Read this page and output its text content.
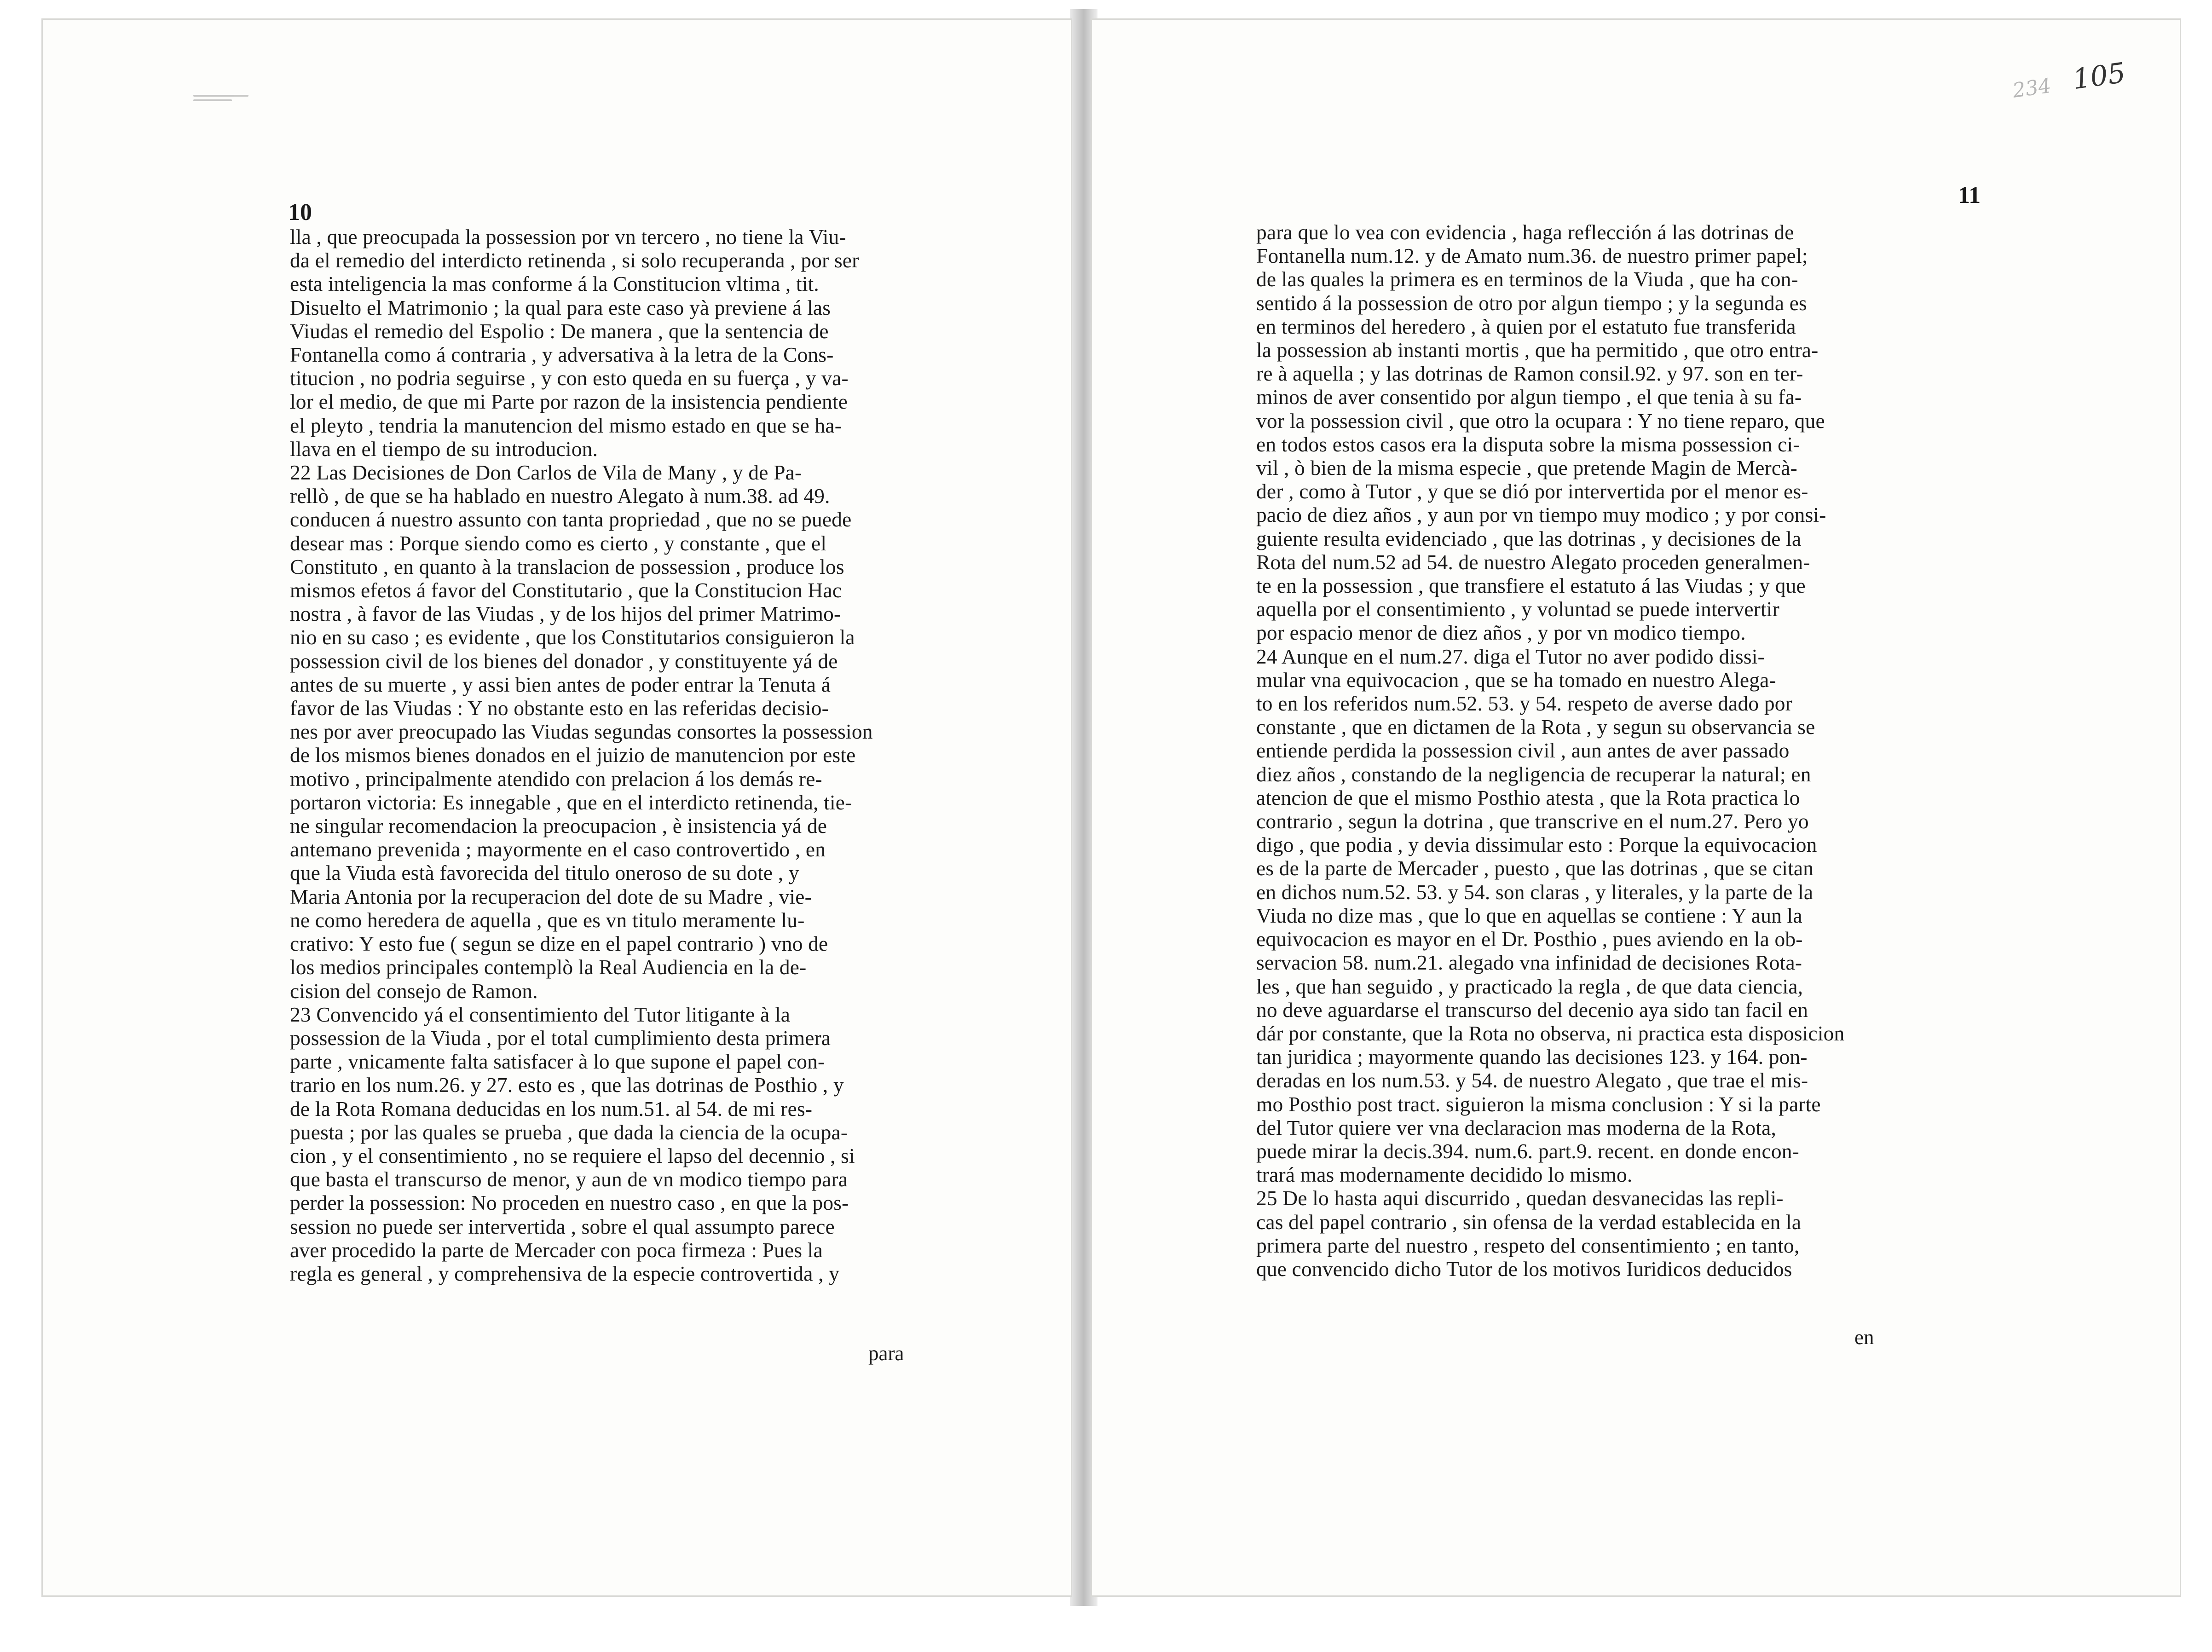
10

lla , que preocupada la possession por vn tercero , no tiene la Viu-

da el remedio del interdicto retinenda , si solo recuperanda , por ser

esta inteligencia la mas conforme á la Constitucion vltima , tit.

Disuelto el Matrimonio ; la qual para este caso yà previene á las

Viudas el remedio del Espolio : De manera , que la sentencia de

Fontanella como á contraria , y adversativa à la letra de la Cons-

titucion , no podria seguirse , y con esto queda en su fuerça , y va-

lor el medio, de que mi Parte por razon de la insistencia pendiente

el pleyto , tendria la manutencion del mismo estado en que se ha-

llava en el tiempo de su introducion.

22 Las Decisiones de Don Carlos de Vila de Many , y de Pa-

rellò , de que se ha hablado en nuestro Alegato à num.38. ad 49.

conducen á nuestro assunto con tanta propriedad , que no se puede

desear mas : Porque siendo como es cierto , y constante , que el

Constituto , en quanto à la translacion de possession , produce los

mismos efetos á favor del Constitutario , que la Constitucion Hac

nostra , à favor de las Viudas , y de los hijos del primer Matrimo-

nio en su caso ; es evidente , que los Constitutarios consiguieron la

possession civil de los bienes del donador , y constituyente yá de

antes de su muerte , y assi bien antes de poder entrar la Tenuta á

favor de las Viudas : Y no obstante esto en las referidas decisio-

nes por aver preocupado las Viudas segundas consortes la possession

de los mismos bienes donados en el juizio de manutencion por este

motivo , principalmente atendido con prelacion á los demás re-

portaron victoria: Es innegable , que en el interdicto retinenda, tie-

ne singular recomendacion la preocupacion , è insistencia yá de

antemano prevenida ; mayormente en el caso controvertido , en

que la Viuda està favorecida del titulo oneroso de su dote , y

Maria Antonia por la recuperacion del dote de su Madre , vie-

ne como heredera de aquella , que es vn titulo meramente lu-

crativo: Y esto fue ( segun se dize en el papel contrario ) vno de

los medios principales contemplò la Real Audiencia en la de-

cision del consejo de Ramon.

23 Convencido yá el consentimiento del Tutor litigante à la

possession de la Viuda , por el total cumplimiento desta primera

parte , vnicamente falta satisfacer à lo que supone el papel con-

trario en los num.26. y 27. esto es , que las dotrinas de Posthio , y

de la Rota Romana deducidas en los num.51. al 54. de mi res-

puesta ; por las quales se prueba , que dada la ciencia de la ocupa-

cion , y el consentimiento , no se requiere el lapso del decennio , si

que basta el transcurso de menor, y aun de vn modico tiempo para

perder la possession: No proceden en nuestro caso , en que la pos-

session no puede ser intervertida , sobre el qual assumpto parece

aver procedido la parte de Mercader con poca firmeza : Pues la

regla es general , y comprehensiva de la especie controvertida , y

para
234 105
11

para que lo vea con evidencia , haga reflección á las dotrinas de

Fontanella num.12. y de Amato num.36. de nuestro primer papel;

de las quales la primera es en terminos de la Viuda , que ha con-

sentido á la possession de otro por algun tiempo ; y la segunda es

en terminos del heredero , à quien por el estatuto fue transferida

la possession ab instanti mortis , que ha permitido , que otro entra-

re à aquella ; y las dotrinas de Ramon consil.92. y 97. son en ter-

minos de aver consentido por algun tiempo , el que tenia à su fa-

vor la possession civil , que otro la ocupara : Y no tiene reparo, que

en todos estos casos era la disputa sobre la misma possession ci-

vil , ò bien de la misma especie , que pretende Magin de Mercà-

der , como à Tutor , y que se dió por intervertida por el menor es-

pacio de diez años , y aun por vn tiempo muy modico ; y por consi-

guiente resulta evidenciado , que las dotrinas , y decisiones de la

Rota del num.52 ad 54. de nuestro Alegato proceden generalmen-

te en la possession , que transfiere el estatuto á las Viudas ; y que

aquella por el consentimiento , y voluntad se puede intervertir

por espacio menor de diez años , y por vn modico tiempo.

24 Aunque en el num.27. diga el Tutor no aver podido dissi-

mular vna equivocacion , que se ha tomado en nuestro Alega-

to en los referidos num.52. 53. y 54. respeto de averse dado por

constante , que en dictamen de la Rota , y segun su observancia se

entiende perdida la possession civil , aun antes de aver passado

diez años , constando de la negligencia de recuperar la natural; en

atencion de que el mismo Posthio atesta , que la Rota practica lo

contrario , segun la dotrina , que transcrive en el num.27. Pero yo

digo , que podia , y devia dissimular esto : Porque la equivocacion

es de la parte de Mercader , puesto , que las dotrinas , que se citan

en dichos num.52. 53. y 54. son claras , y literales, y la parte de la

Viuda no dize mas , que lo que en aquellas se contiene : Y aun la

equivocacion es mayor en el Dr. Posthio , pues aviendo en la ob-

servacion 58. num.21. alegado vna infinidad de decisiones Rota-

les , que han seguido , y practicado la regla , de que data ciencia,

no deve aguardarse el transcurso del decenio aya sido tan facil en

dár por constante, que la Rota no observa, ni practica esta disposicion

tan juridica ; mayormente quando las decisiones 123. y 164. pon-

deradas en los num.53. y 54. de nuestro Alegato , que trae el mis-

mo Posthio post tract. siguieron la misma conclusion : Y si la parte

del Tutor quiere ver vna declaracion mas moderna de la Rota,

puede mirar la decis.394. num.6. part.9. recent. en donde encon-

trará mas modernamente decidido lo mismo.

25 De lo hasta aqui discurrido , quedan desvanecidas las repli-

cas del papel contrario , sin ofensa de la verdad establecida en la

primera parte del nuestro , respeto del consentimiento ; en tanto,

que convencido dicho Tutor de los motivos Iuridicos deducidos

en
